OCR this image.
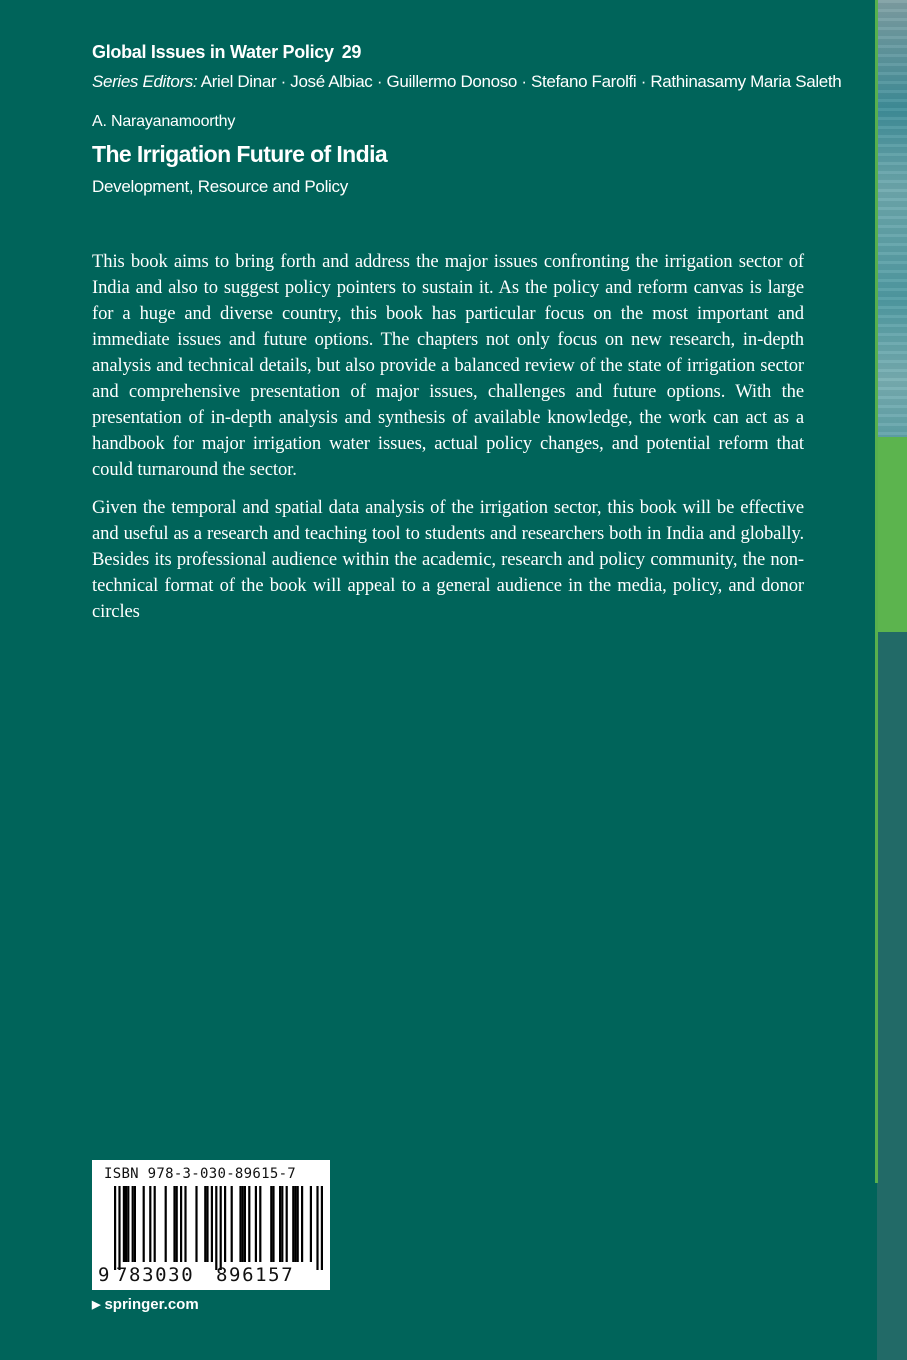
Global Issues in Water Policy 29
Series Editors: Ariel Dinar · José Albiac · Guillermo Donoso · Stefano Farolfi · Rathinasamy Maria Saleth
A. Narayanamoorthy
The Irrigation Future of India
Development, Resource and Policy

This book aims to bring forth and address the major issues confronting the irrigation sector of India and also to suggest policy pointers to sustain it. As the policy and reform canvas is large for a huge and diverse country, this book has particular focus on the most important and immediate issues and future options. The chapters not only focus on new research, in-depth analysis and technical details, but also provide a balanced review of the state of irrigation sector and comprehensive presentation of major issues, challenges and future options. With the presentation of in-depth analysis and synthesis of available knowledge, the work can act as a handbook for major irrigation water issues, actual policy changes, and potential reform that could turnaround the sector.

Given the temporal and spatial data analysis of the irrigation sector, this book will be effective and useful as a research and teaching tool to students and researchers both in India and globally. Besides its professional audience within the academic, research and policy community, the non-technical format of the book will appeal to a general audience in the media, policy, and donor circles

ISBN 978-3-030-89615-7
9 783030 896157
▶ springer.com
